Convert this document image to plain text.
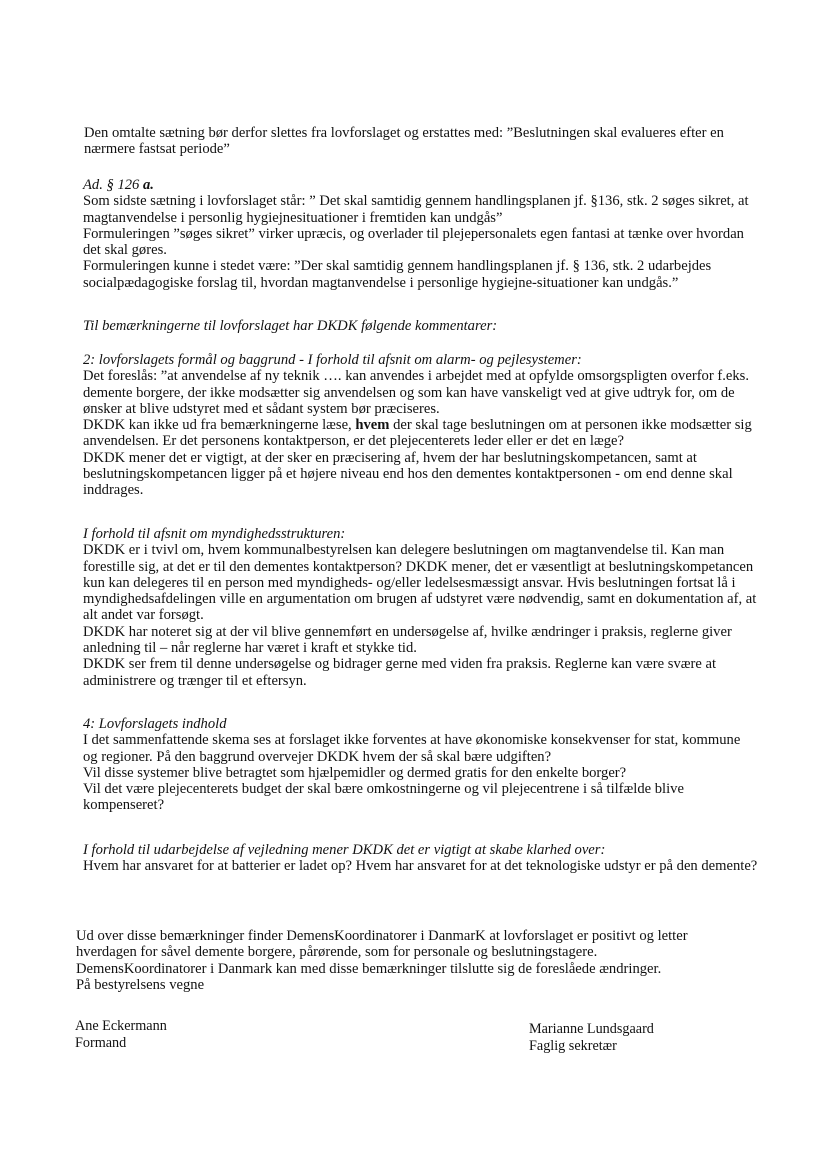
Den omtalte sætning bør derfor slettes fra lovforslaget og erstattes med: ”Beslutningen skal evalueres efter en nærmere fastsat periode”

Ad. § 126 a.

Som sidste sætning i lovforslaget står: ” Det skal samtidig gennem handlingsplanen jf. §136, stk. 2 søges sikret, at magtanvendelse i personlig hygiejnesituationer i fremtiden kan undgås”

Formuleringen ”søges sikret” virker upræcis, og overlader til plejepersonalets egen fantasi at tænke over hvordan det skal gøres.

Formuleringen kunne i stedet være: ”Der skal samtidig gennem handlingsplanen jf. § 136, stk. 2 udarbejdes socialpædagogiske forslag til, hvordan magtanvendelse i personlige hygiejne-situationer kan undgås.”

Til bemærkningerne til lovforslaget har DKDK følgende kommentarer:

2: lovforslagets formål og baggrund - I forhold til afsnit om alarm- og pejlesystemer:

Det foreslås: ”at anvendelse af ny teknik …. kan anvendes i arbejdet med at opfylde omsorgspligten overfor f.eks. demente borgere, der ikke modsætter sig anvendelsen og som kan have vanskeligt ved at give udtryk for, om de ønsker at blive udstyret med et sådant system bør præciseres.

DKDK kan ikke ud fra bemærkningerne læse, hvem der skal tage beslutningen om at personen ikke modsætter sig anvendelsen. Er det personens kontaktperson, er det plejecenterets leder eller er det en læge?

DKDK mener det er vigtigt, at der sker en præcisering af, hvem der har beslutningskompetancen, samt at beslutningskompetancen ligger på et højere niveau end hos den dementes kontaktpersonen - om end denne skal inddrages.

I forhold til afsnit om myndighedsstrukturen:

DKDK er i tvivl om, hvem kommunalbestyrelsen kan delegere beslutningen om magtanvendelse til. Kan man forestille sig, at det er til den dementes kontaktperson? DKDK mener, det er væsentligt at beslutningskompetancen kun kan delegeres til en person med myndigheds- og/eller ledelsesmæssigt ansvar. Hvis beslutningen fortsat lå i myndighedsafdelingen ville en argumentation om brugen af udstyret være nødvendig, samt en dokumentation af, at alt andet var forsøgt.

DKDK har noteret sig at der vil blive gennemført en undersøgelse af, hvilke ændringer i praksis, reglerne giver anledning til – når reglerne har været i kraft et stykke tid.

DKDK ser frem til denne undersøgelse og bidrager gerne med viden fra praksis. Reglerne kan være svære at administrere og trænger til et eftersyn.

4: Lovforslagets indhold

I det sammenfattende skema ses at forslaget ikke forventes at have økonomiske konsekvenser for stat, kommune og regioner. På den baggrund overvejer DKDK hvem der så skal bære udgiften?

Vil disse systemer blive betragtet som hjælpemidler og dermed gratis for den enkelte borger?

Vil det være plejecenterets budget der skal bære omkostningerne og vil plejecentrene i så tilfælde blive kompenseret?

I forhold til udarbejdelse af vejledning mener DKDK det er vigtigt at skabe klarhed over:

Hvem har ansvaret for at batterier er ladet op? Hvem har ansvaret for at det teknologiske udstyr er på den demente?

Ud over disse bemærkninger finder DemensKoordinatorer i DanmarK at lovforslaget er positivt og letter hverdagen for såvel demente borgere, pårørende, som for personale og beslutningstagere.

DemensKoordinatorer i Danmark kan med disse bemærkninger tilslutte sig de foreslåede ændringer.

På bestyrelsens vegne

Ane Eckermann
Formand
Marianne Lundsgaard
Faglig sekretær
